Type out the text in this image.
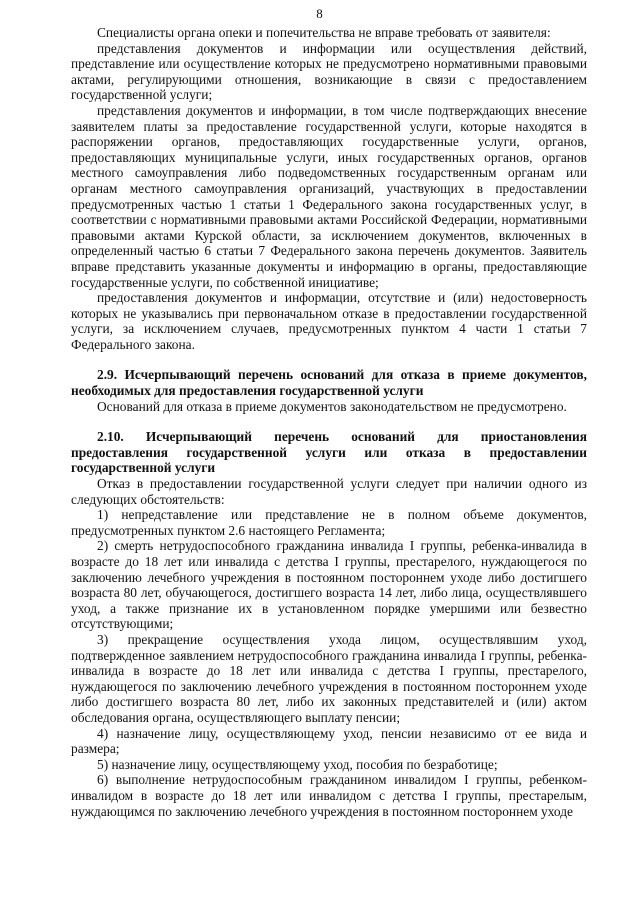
8

Специалисты органа опеки и попечительства не вправе требовать от заявителя:

представления документов и информации или осуществления действий, представление или осуществление которых не предусмотрено нормативными правовыми актами, регулирующими отношения, возникающие в связи с предоставлением государственной услуги;

представления документов и информации, в том числе подтверждающих внесение заявителем платы за предоставление государственной услуги, которые находятся в распоряжении органов, предоставляющих государственные услуги, органов, предоставляющих муниципальные услуги, иных государственных органов, органов местного самоуправления либо подведомственных государственным органам или органам местного самоуправления организаций, участвующих в предоставлении предусмотренных частью 1 статьи 1 Федерального закона государственных услуг, в соответствии с нормативными правовыми актами Российской Федерации, нормативными правовыми актами Курской области, за исключением документов, включенных в определенный частью 6 статьи 7 Федерального закона перечень документов. Заявитель вправе представить указанные документы и информацию в органы, предоставляющие государственные услуги, по собственной инициативе;

предоставления документов и информации, отсутствие и (или) недостоверность которых не указывались при первоначальном отказе в предоставлении государственной услуги, за исключением случаев, предусмотренных пунктом 4 части 1 статьи 7 Федерального закона.

2.9. Исчерпывающий перечень оснований для отказа в приеме документов, необходимых для предоставления государственной услуги

Оснований для отказа в приеме документов законодательством не предусмотрено.

2.10. Исчерпывающий перечень оснований для приостановления предоставления государственной услуги или отказа в предоставлении государственной услуги

Отказ в предоставлении государственной услуги следует при наличии одного из следующих обстоятельств:

1) непредставление или представление не в полном объеме документов, предусмотренных пунктом 2.6 настоящего Регламента;

2) смерть нетрудоспособного гражданина инвалида I группы, ребенка-инвалида в возрасте до 18 лет или инвалида с детства I группы, престарелого, нуждающегося по заключению лечебного учреждения в постоянном постороннем уходе либо достигшего возраста 80 лет, обучающегося, достигшего возраста 14 лет, либо лица, осуществлявшего уход, а также признание их в установленном порядке умершими или безвестно отсутствующими;

3) прекращение осуществления ухода лицом, осуществлявшим уход, подтвержденное заявлением нетрудоспособного гражданина инвалида I группы, ребенка-инвалида в возрасте до 18 лет или инвалида с детства I группы, престарелого, нуждающегося по заключению лечебного учреждения в постоянном постороннем уходе либо достигшего возраста 80 лет, либо их законных представителей и (или) актом обследования органа, осуществляющего выплату пенсии;

4) назначение лицу, осуществляющему уход, пенсии независимо от ее вида и размера;

5) назначение лицу, осуществляющему уход, пособия по безработице;

6) выполнение нетрудоспособным гражданином инвалидом I группы, ребенком-инвалидом в возрасте до 18 лет или инвалидом с детства I группы, престарелым, нуждающимся по заключению лечебного учреждения в постоянном постороннем уходе
